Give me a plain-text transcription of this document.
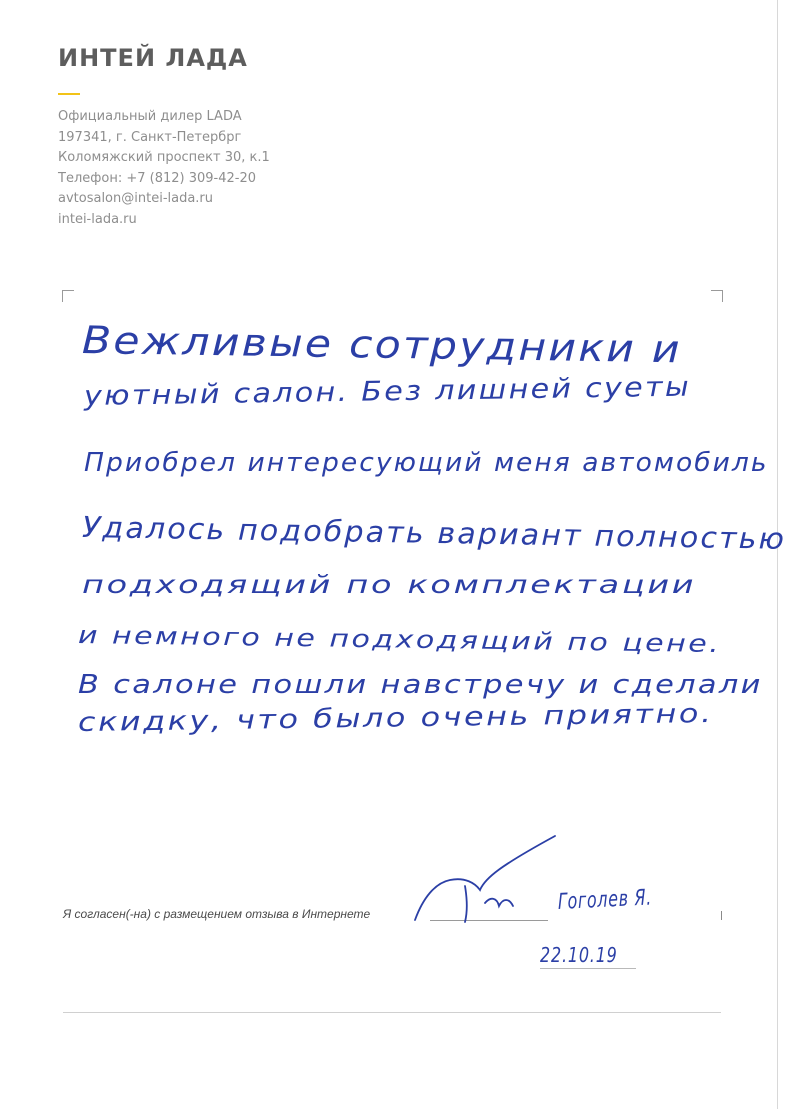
ИНТЕЙ ЛАДА
Официальный дилер LADA
197341, г. Санкт-Петербрг
Коломяжский проспект 30, к.1
Телефон: +7 (812) 309-42-20
avtosalon@intei-lada.ru
intei-lada.ru
Вежливые сотрудники и
уютный салон. Без лишней суеты
Приобрел интересующий меня автомобиль
Удалось подобрать вариант полностью
подходящий по комплектации
и немного не подходящий по цене.
В салоне пошли навстречу и сделали
скидку, что было очень приятно.
Я согласен(-на) с размещением отзыва в Интернете	Гоголев Я.
22.10.19
